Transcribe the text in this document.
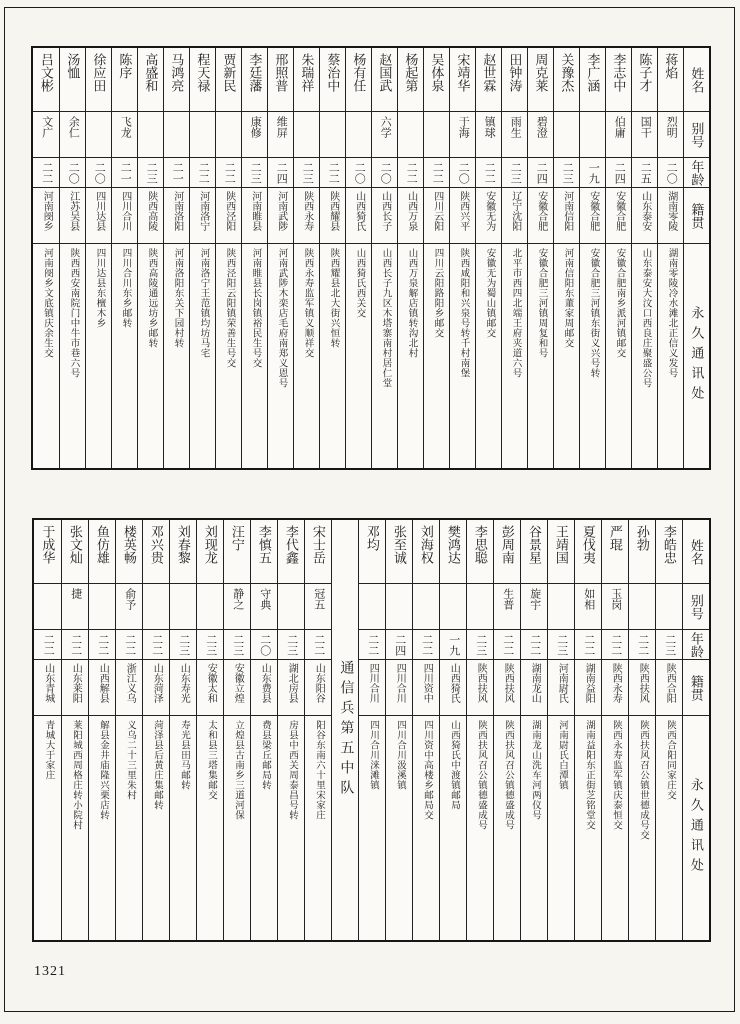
姓名
别号
年龄
籍贯
永久通讯处
蒋焰
烈明
二〇
湖南零陵
湖南零陵冷水滩北正信义发号
陈子才
国干
二五
山东泰安
山东泰安大汶口西良庄聚盛公号
李志中
伯庸
二四
安徽合肥
安徽合肥南乡派河镇邮交
李广涵
一九
安徽合肥
安徽合肥三河镇东街义兴号转
关豫杰
二三
河南信阳
河南信阳东董家周邮交
周克莱
碧澄
二四
安徽合肥
安徽合肥三河镇周复和号
田钟涛
雨生
二三
辽宁沈阳
北平市西四北端王府夹道六号
赵世霖
镇球
二二
安徽无为
安徽无为蜀山镇邮交
宋靖华
于海
二〇
陕西兴平
陕西咸阳和兴泉号转千村南堡
吴体泉
二二
四川云阳
四川云阳路阳乡邮交
杨起第
二二
山西万泉
山西万泉解店镇转沟北村
赵国武
六学
二〇
山西长子
山西长子九区木塔寨南村居仁堂
杨有任
二〇
山西猗氏
山西猗氏西关交
蔡治中
二二
陕西耀县
陕西耀县北大街兴恒转
朱瑞祥
二三
陕西永寿
陕西永寿监军镇义顺祥交
邢照普
维屏
二四
河南武陟
河南武陟木栾店毛府南郑义恩号
李廷藩
康修
二三
河南睢县
河南睢县长岗镇裕民生号交
贾新民
二二
陕西泾阳
陕西泾阳云阳镇荣善生号交
程天禄
二二
河南洛宁
河南洛宁王范镇均坊马宅
马鸿亮
二一
河南洛阳
河南洛阳东关下园村转
高盛和
二三
陕西高陵
陕西高陵通远坊乡邮转
陈序
飞龙
二一
四川合川
四川合川东乡邮转
徐应田
二〇
四川达县
四川达县东檀木乡
汤恤
余仁
二〇
江苏吴县
陕西西安南院门中牛市巷六号
吕文彬
文广
二二
河南阌乡
河南阌乡文底镇庆余生交
姓名
别号
年龄
籍贯
永久通讯处
李皓忠
二三
陕西合阳
陕西合阳同家庄交
孙勃
二二
陕西扶风
陕西扶风召公镇世德成号交
严琨
玉岗
二二
陕西永寿
陕西永寿监军镇庆泰恒交
夏伐夷
如相
二二
湖南益阳
湖南益阳东正街芝铭堂交
王靖国
二三
河南尉氏
河南尉氏白潭镇
谷景星
旋宇
二二
湖南龙山
湖南龙山洗车河两仪号
彭周南
生普
二二
陕西扶风
陕西扶风召公镇德盛成号
李思聪
二三
陕西扶风
陕西扶风召公镇德盛成号
樊鸿达
一九
山西猗氏
山西猗氏中渡镇邮局
刘海权
二二
四川资中
四川资中高楼乡邮局交
张至诚
二四
四川合川
四川合川汲溪镇
邓均
二二
四川合川
四川合川涞滩镇
通信兵第五中队
宋士岳
冠五
二二
山东阳谷
阳谷东南六十里宋家庄
李代鑫
二三
湖北房县
房县中西关周泰昌号转
李慎五
守典
二〇
山东费县
费县梁丘邮局转
汪宁
静之
二三
安徽立煌
立煌县古南乡三道河保
刘现龙
二三
安徽太和
太和县三塔集邮交
刘春黎
二三
山东寿光
寿光县田马邮转
邓兴贵
二二
山东菏泽
菏泽县后黄庄集邮转
楼英畅
俞予
二二
浙江义乌
义乌二十三里朱村
鱼仿雄
二二
山西解县
解县金井庙隆兴栗店转
张文灿
捷
二二
山东莱阳
莱阳城西周格庄转小院村
于成华
二二
山东青城
青城大于家庄
1321
